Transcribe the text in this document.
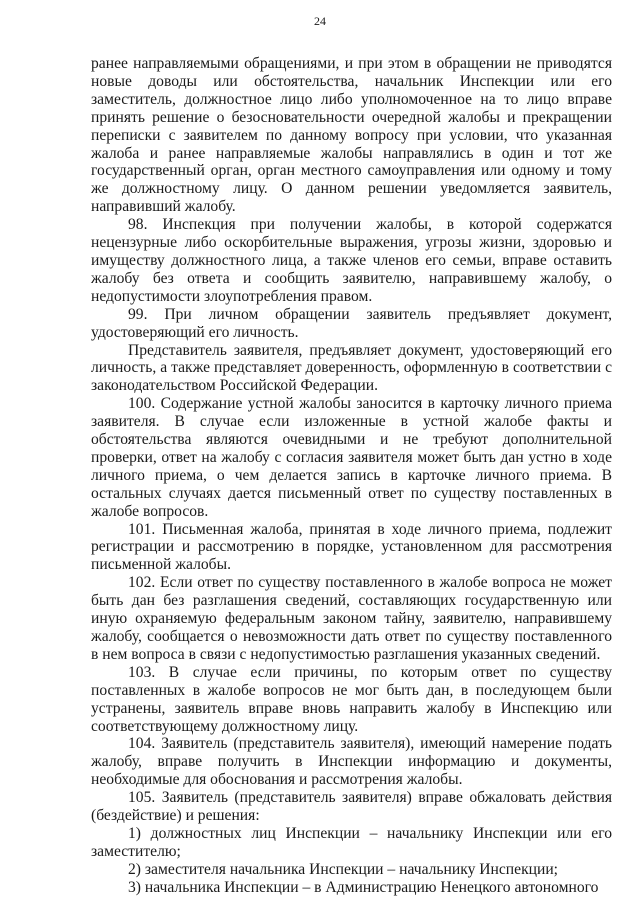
24

ранее направляемыми обращениями, и при этом в обращении не приводятся новые доводы или обстоятельства, начальник Инспекции или его заместитель, должностное лицо либо уполномоченное на то лицо вправе принять решение о безосновательности очередной жалобы и прекращении переписки с заявителем по данному вопросу при условии, что указанная жалоба и ранее направляемые жалобы направлялись в один и тот же государственный орган, орган местного самоуправления или одному и тому же должностному лицу. О данном решении уведомляется заявитель, направивший жалобу.

98. Инспекция при получении жалобы, в которой содержатся нецензурные либо оскорбительные выражения, угрозы жизни, здоровью и имуществу должностного лица, а также членов его семьи, вправе оставить жалобу без ответа и сообщить заявителю, направившему жалобу, о недопустимости злоупотребления правом.

99. При личном обращении заявитель предъявляет документ, удостоверяющий его личность.

Представитель заявителя, предъявляет документ, удостоверяющий его личность, а также представляет доверенность, оформленную в соответствии с законодательством Российской Федерации.

100. Содержание устной жалобы заносится в карточку личного приема заявителя. В случае если изложенные в устной жалобе факты и обстоятельства являются очевидными и не требуют дополнительной проверки, ответ на жалобу с согласия заявителя может быть дан устно в ходе личного приема, о чем делается запись в карточке личного приема. В остальных случаях дается письменный ответ по существу поставленных в жалобе вопросов.

101. Письменная жалоба, принятая в ходе личного приема, подлежит регистрации и рассмотрению в порядке, установленном для рассмотрения письменной жалобы.

102. Если ответ по существу поставленного в жалобе вопроса не может быть дан без разглашения сведений, составляющих государственную или иную охраняемую федеральным законом тайну, заявителю, направившему жалобу, сообщается о невозможности дать ответ по существу поставленного в нем вопроса в связи с недопустимостью разглашения указанных сведений.

103. В случае если причины, по которым ответ по существу поставленных в жалобе вопросов не мог быть дан, в последующем были устранены, заявитель вправе вновь направить жалобу в Инспекцию или соответствующему должностному лицу.

104. Заявитель (представитель заявителя), имеющий намерение подать жалобу, вправе получить в Инспекции информацию и документы, необходимые для обоснования и рассмотрения жалобы.

105. Заявитель (представитель заявителя) вправе обжаловать действия (бездействие) и решения:

1) должностных лиц Инспекции – начальнику Инспекции или его заместителю;

2) заместителя начальника Инспекции – начальнику Инспекции;

3) начальника Инспекции – в Администрацию Ненецкого автономного
